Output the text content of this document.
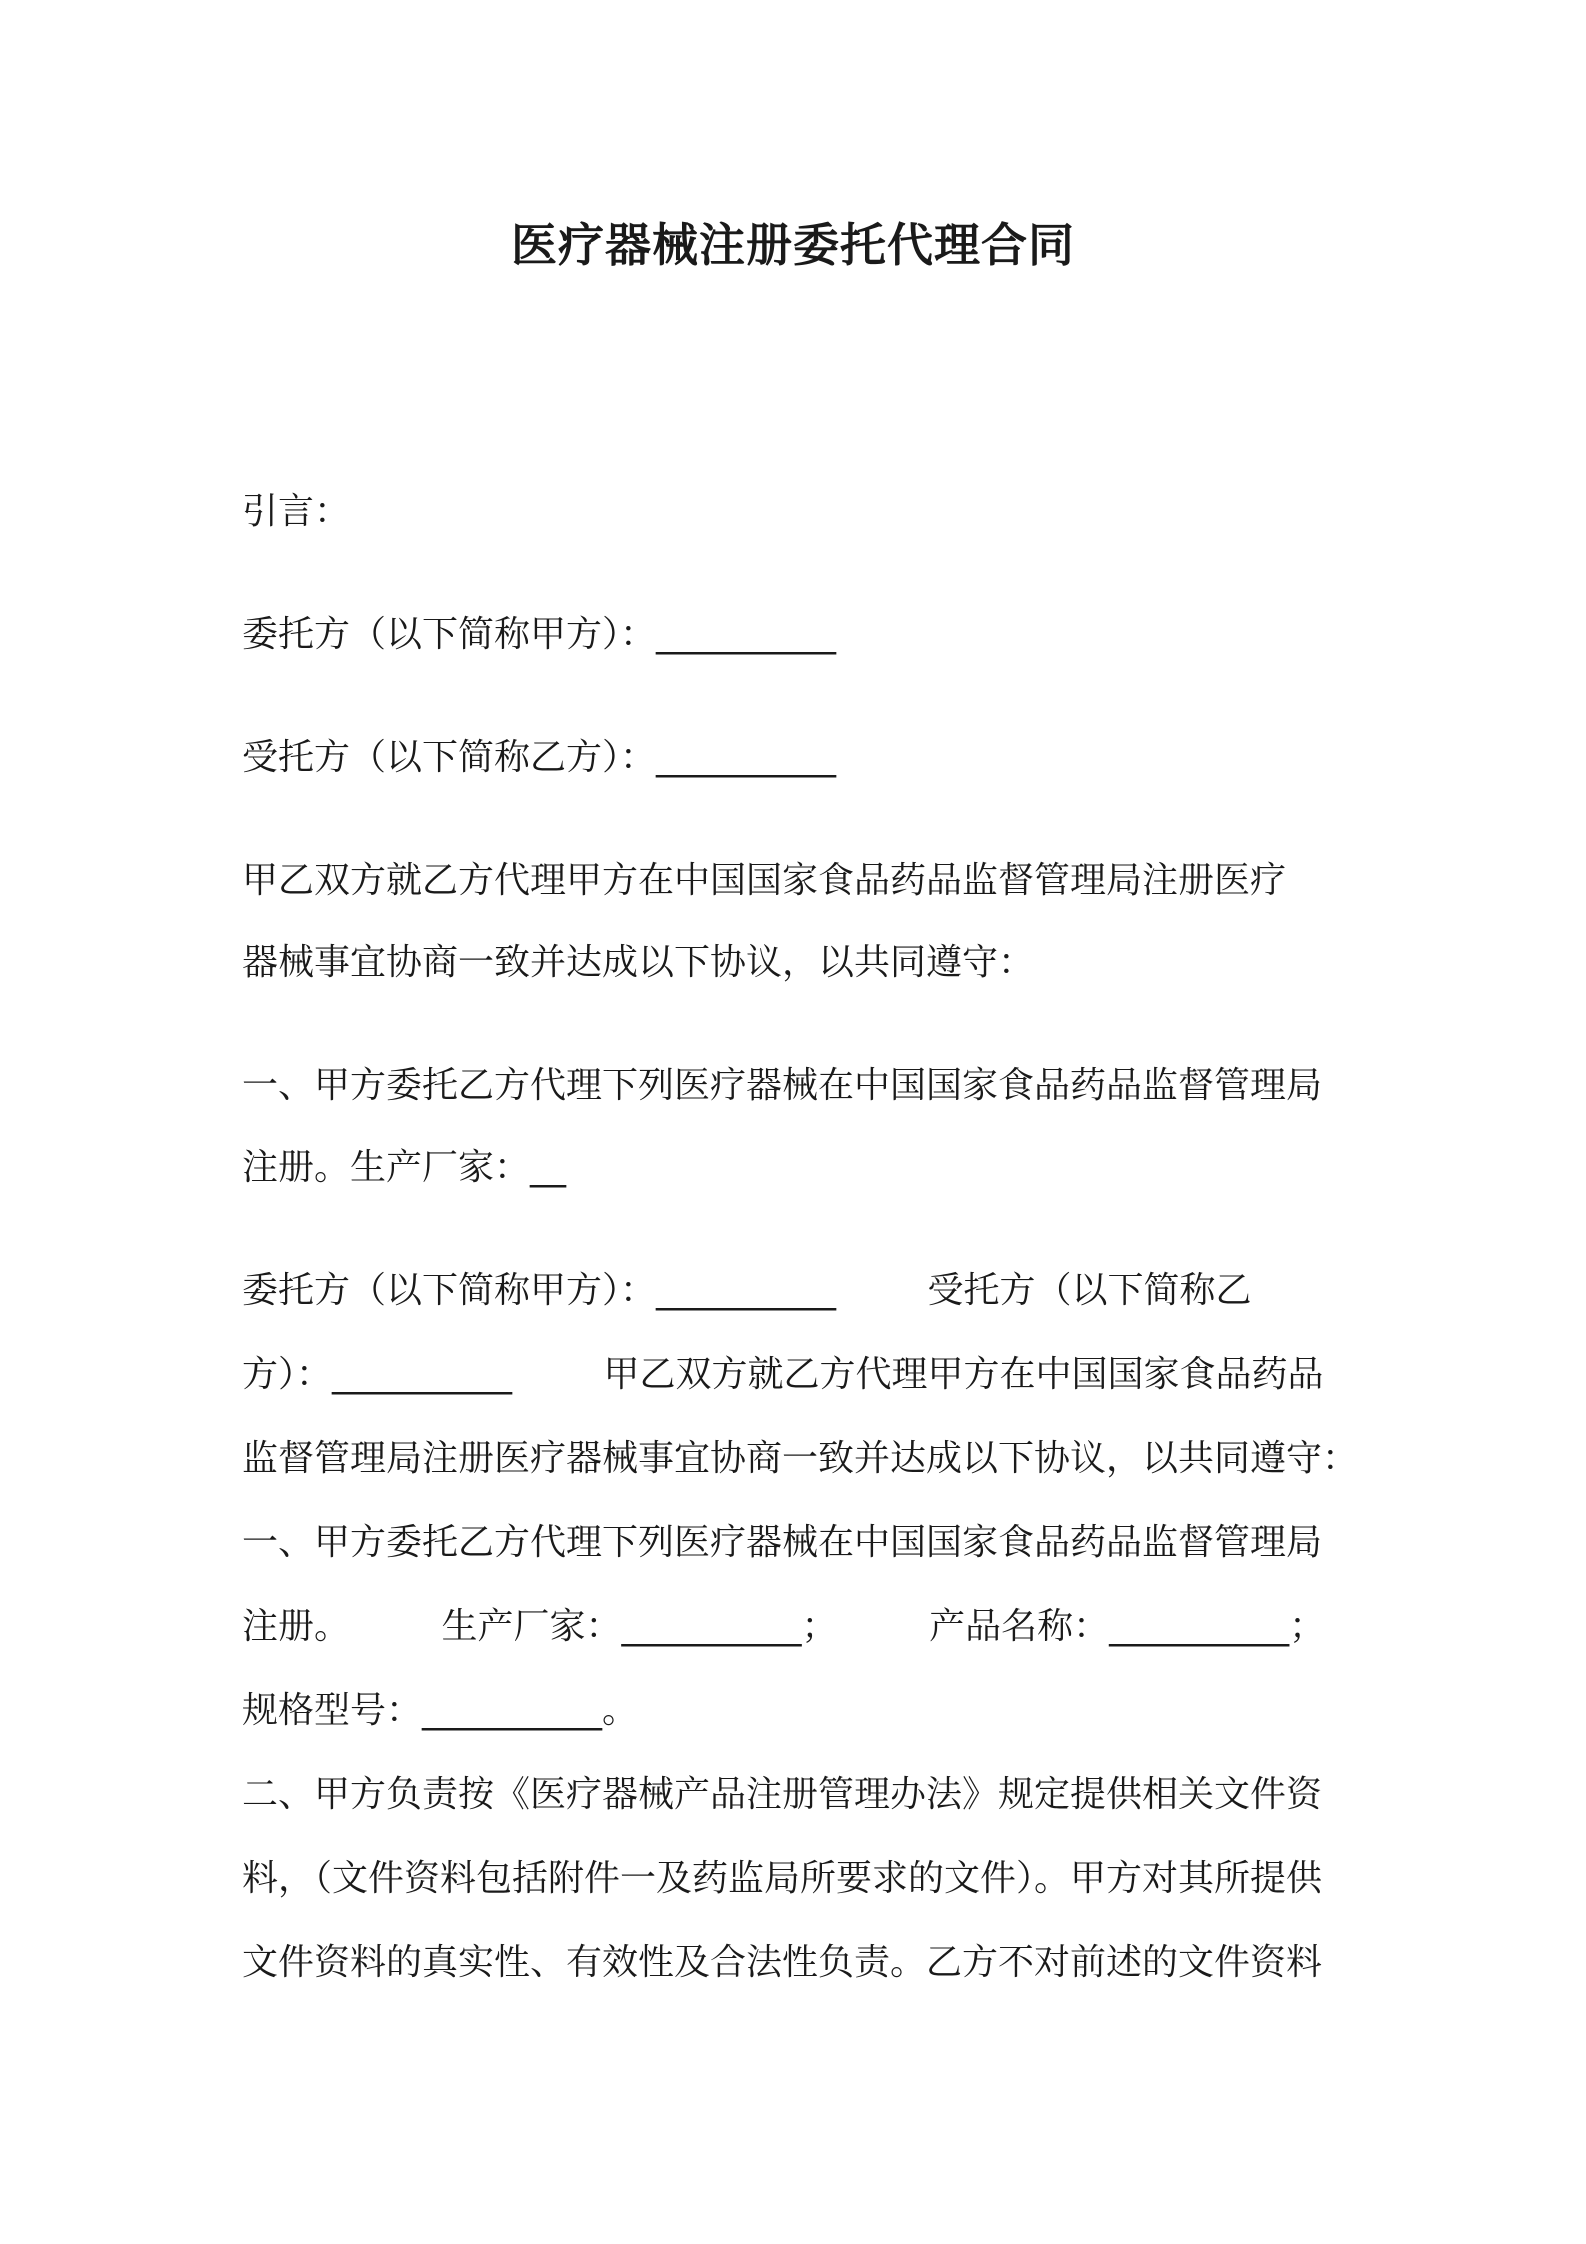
医疗器械注册委托代理合同
引言：
委托方（以下简称甲方）：__________
受托方（以下简称乙方）：__________
甲乙双方就乙方代理甲方在中国国家食品药品监督管理局注册医疗
器械事宜协商一致并达成以下协议，以共同遵守：
一、甲方委托乙方代理下列医疗器械在中国国家食品药品监督管理局
注册。生产厂家：__
委托方（以下简称甲方）：__________        受托方（以下简称乙
方）：__________        甲乙双方就乙方代理甲方在中国国家食品药品
监督管理局注册医疗器械事宜协商一致并达成以下协议，以共同遵守：
一、甲方委托乙方代理下列医疗器械在中国国家食品药品监督管理局
注册。        生产厂家：__________；        产品名称：__________；
规格型号：__________。
二、甲方负责按《医疗器械产品注册管理办法》规定提供相关文件资
料，（文件资料包括附件一及药监局所要求的文件）。甲方对其所提供
文件资料的真实性、有效性及合法性负责。乙方不对前述的文件资料
